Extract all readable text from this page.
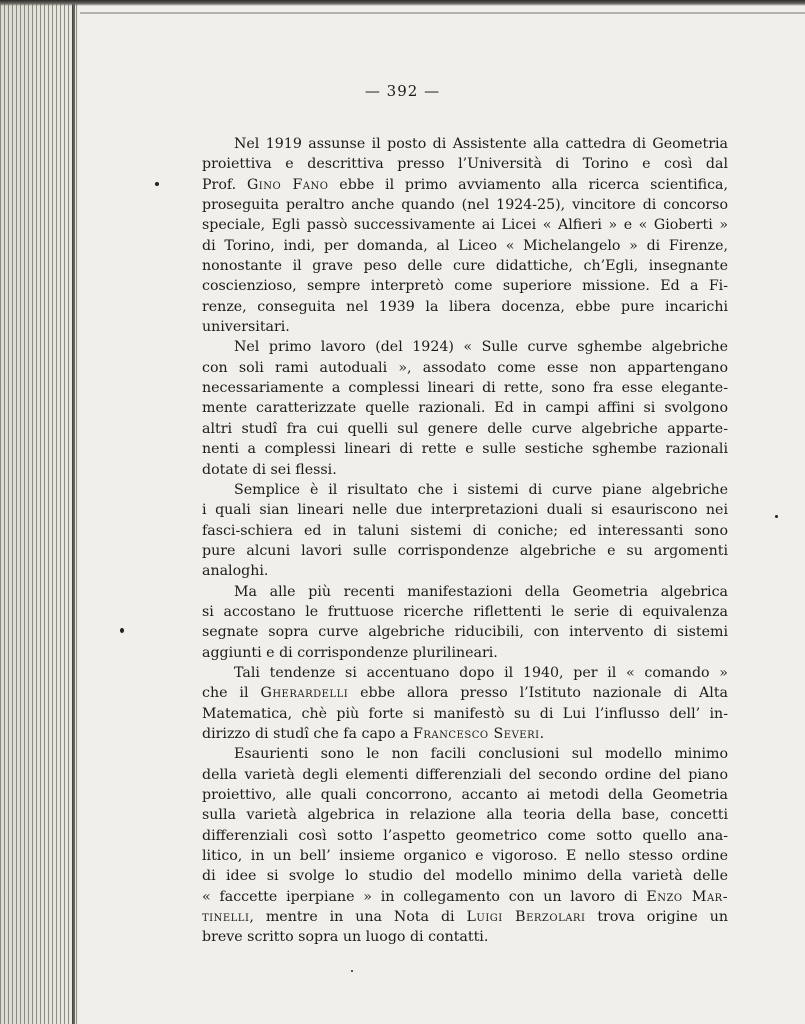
— 392 —
Nel 1919 assunse il posto di Assistente alla cattedra di Geometria
proiettiva e descrittiva presso l’Università di Torino e così dal
Prof. Gino Fano ebbe il primo avviamento alla ricerca scientifica,
proseguita peraltro anche quando (nel 1924-25), vincitore di concorso
speciale, Egli passò successivamente ai Licei « Alfieri » e « Gioberti »
di Torino, indi, per domanda, al Liceo « Michelangelo » di Firenze,
nonostante il grave peso delle cure didattiche, ch’Egli, insegnante
coscienzioso, sempre interpretò come superiore missione. Ed a Fi-
renze, conseguita nel 1939 la libera docenza, ebbe pure incarichi
universitari.
Nel primo lavoro (del 1924) « Sulle curve sghembe algebriche
con soli rami autoduali », assodato come esse non appartengano
necessariamente a complessi lineari di rette, sono fra esse elegante-
mente caratterizzate quelle razionali. Ed in campi affini si svolgono
altri studî fra cui quelli sul genere delle curve algebriche apparte-
nenti a complessi lineari di rette e sulle sestiche sghembe razionali
dotate di sei flessi.
Semplice è il risultato che i sistemi di curve piane algebriche
i quali sian lineari nelle due interpretazioni duali si esauriscono nei
fasci-schiera ed in taluni sistemi di coniche; ed interessanti sono
pure alcuni lavori sulle corrispondenze algebriche e su argomenti
analoghi.
Ma alle più recenti manifestazioni della Geometria algebrica
si accostano le fruttuose ricerche riflettenti le serie di equivalenza
segnate sopra curve algebriche riducibili, con intervento di sistemi
aggiunti e di corrispondenze plurilineari.
Tali tendenze si accentuano dopo il 1940, per il « comando »
che il Gherardelli ebbe allora presso l’Istituto nazionale di Alta
Matematica, chè più forte si manifestò su di Lui l’influsso dell’ in-
dirizzo di studî che fa capo a Francesco Severi.
Esaurienti sono le non facili conclusioni sul modello minimo
della varietà degli elementi differenziali del secondo ordine del piano
proiettivo, alle quali concorrono, accanto ai metodi della Geometria
sulla varietà algebrica in relazione alla teoria della base, concetti
differenziali così sotto l’aspetto geometrico come sotto quello ana-
litico, in un bell’ insieme organico e vigoroso. E nello stesso ordine
di idee si svolge lo studio del modello minimo della varietà delle
« faccette iperpiane » in collegamento con un lavoro di Enzo Mar-
tinelli, mentre in una Nota di Luigi Berzolari trova origine un
breve scritto sopra un luogo di contatti.
